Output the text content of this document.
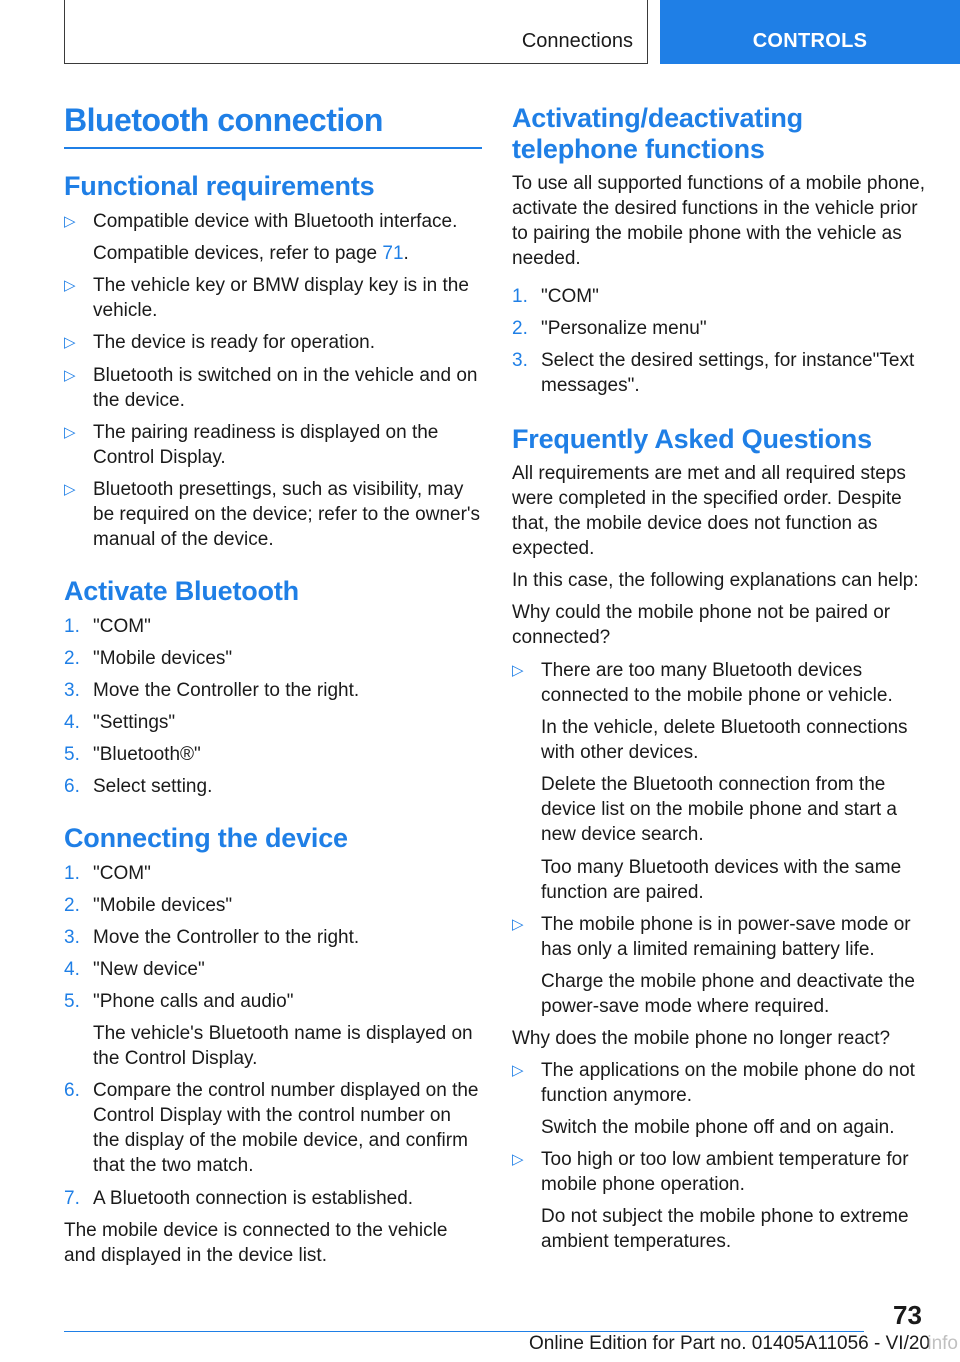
Connections	CONTROLS
Bluetooth connection
Functional requirements
▷ Compatible device with Bluetooth interface.
Compatible devices, refer to page 71.
▷ The vehicle key or BMW display key is in the vehicle.
▷ The device is ready for operation.
▷ Bluetooth is switched on in the vehicle and on the device.
▷ The pairing readiness is displayed on the Control Display.
▷ Bluetooth presettings, such as visibility, may be required on the device; refer to the owner's manual of the device.
Activate Bluetooth
1. "COM"
2. "Mobile devices"
3. Move the Controller to the right.
4. "Settings"
5. "Bluetooth®"
6. Select setting.
Connecting the device
1. "COM"
2. "Mobile devices"
3. Move the Controller to the right.
4. "New device"
5. "Phone calls and audio"
The vehicle's Bluetooth name is displayed on the Control Display.
6. Compare the control number displayed on the Control Display with the control number on the display of the mobile device, and confirm that the two match.
7. A Bluetooth connection is established.

The mobile device is connected to the vehicle and displayed in the device list.

Activating/deactivating telephone functions

To use all supported functions of a mobile phone, activate the desired functions in the vehicle prior to pairing the mobile phone with the vehicle as needed.

1. "COM"
2. "Personalize menu"
3. Select the desired settings, for instance"Text messages".
Frequently Asked Questions

All requirements are met and all required steps were completed in the specified order. Despite that, the mobile device does not function as expected.

In this case, the following explanations can help:

Why could the mobile phone not be paired or connected?

▷ There are too many Bluetooth devices connected to the mobile phone or vehicle.
In the vehicle, delete Bluetooth connections with other devices.
Delete the Bluetooth connection from the device list on the mobile phone and start a new device search.
Too many Bluetooth devices with the same function are paired.
▷ The mobile phone is in power-save mode or has only a limited remaining battery life.
Charge the mobile phone and deactivate the power-save mode where required.

Why does the mobile phone no longer react?

▷ The applications on the mobile phone do not function anymore.
Switch the mobile phone off and on again.
▷ Too high or too low ambient temperature for mobile phone operation.
Do not subject the mobile phone to extreme ambient temperatures.
73
Online Edition for Part no. 01405A11056 - VI/20
info
